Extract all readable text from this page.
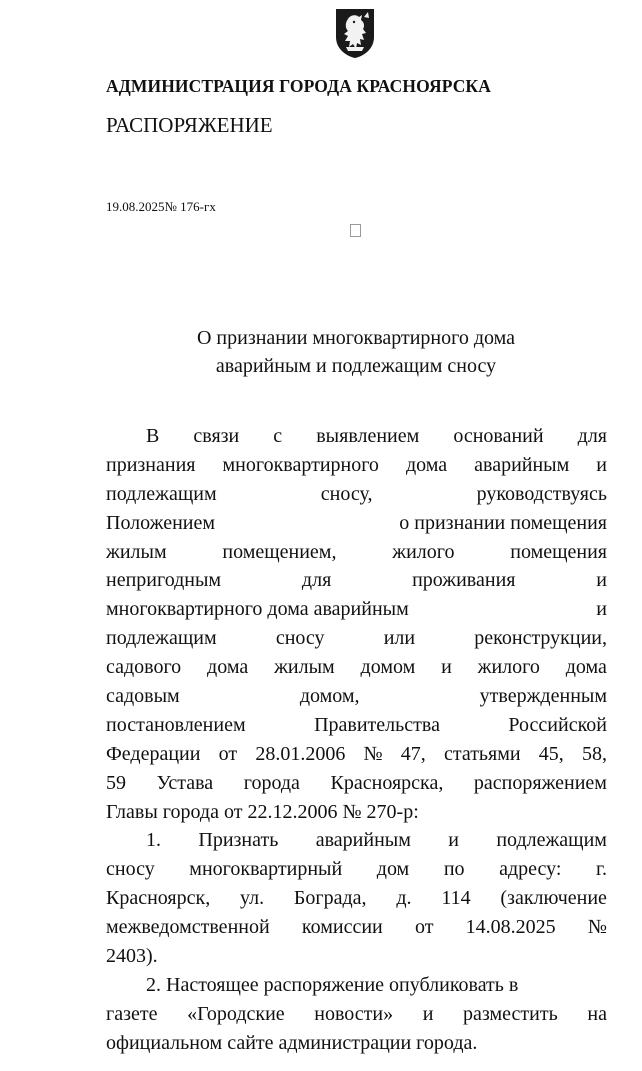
АДМИНИСТРАЦИЯ ГОРОДА КРАСНОЯРСКА
РАСПОРЯЖЕНИЕ
19.08.2025№ 176-гх
О признании многоквартирного дома
аварийным и подлежащим сносу
В связи с выявлением оснований для
признания многоквартирного дома аварийным и
подлежащим	сносу,	руководствуясь
Положением	о признании помещения
жилым	помещением,	жилого	помещения
непригодным	для	проживания	и
многоквартирного дома аварийным	и
подлежащим	сносу	или	реконструкции,
садового дома жилым домом и жилого дома
садовым	домом,	утвержденным
постановлением	Правительства	Российской
Федерации от 28.01.2006 № 47, статьями 45, 58,
59 Устава города Красноярска, распоряжением
Главы города от 22.12.2006 № 270-р:
1. Признать аварийным и подлежащим
сносу многоквартирный дом по адресу: г.
Красноярск, ул. Бограда, д. 114 (заключение
межведомственной комиссии от 14.08.2025 №
2403).
2. Настоящее распоряжение опубликовать в
газете «Городские новости» и разместить на
официальном сайте администрации города.
